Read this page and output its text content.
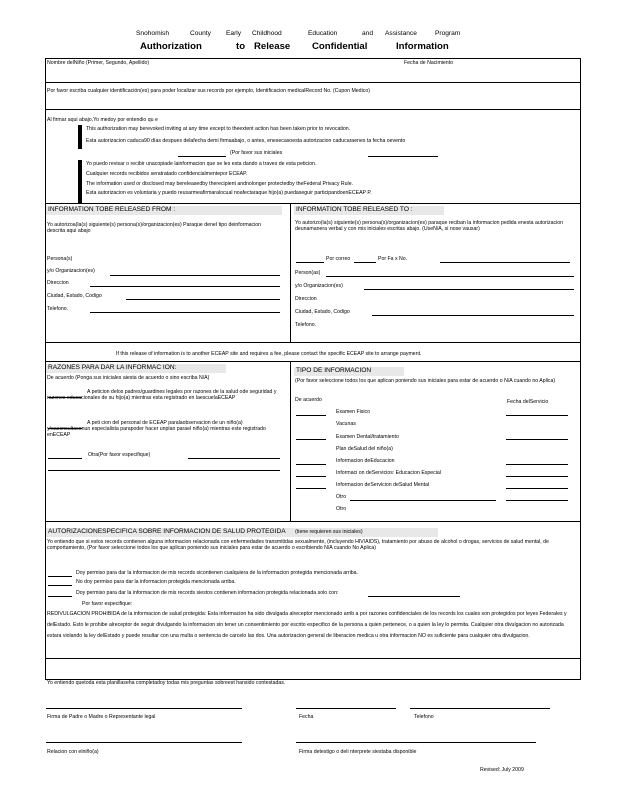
Snohomish	County Early Childhood	Education	and Assistance	Program
Authorization	to Release Confidential	Information
Nombre delNiño (Primer, Segundo, Apellido)	Fecha de Nacimiento
Por favor escriba cualquier identificación(es) para poder localizar sus records por ejemplo, Identificacion medicalRecord No. (Cupon Medico)
Al firmar aqui abajo,Yo medoy por entendio qu e
This authorization may berevoked inviting at any time except to theextent action has been taken prior to revocation.
Esta autorizacion caduca90 días despues delafecha demi firmaabajo, o antes, enesecasoesta autorizacion caducaraenes ta fecha oevento
(Por favor sus iniciales
Yo puedo revisar o recibir unacopiade lainformacion que se les esta dando a traves de esta peticion.
Cualquier records recibidos seratratado confidencialmentepor ECEAP.
The information used or disclosed may bereleasedby therecipient andnolonger protectedby theFederal Privacy Rule.
Esta autorizacion es voluntaria y puedo reusarmeafirmaralocual noafectaraque hijo(a) puedaseguir participandoenECEAP P.
INFORMATION TOBE RELEASED FROM :
Yo autorizoa(la(s) siguiente(s) persona(s)/organizacion(es) Paraque deneI tipo deinformacion descrita aqui abajo
Persona(s)
y/o Organizacion(es)
Direccion
Ciudad, Estado, Codigo
Telefono.
INFORMATION TOBE RELEASED TO :
Yo autorizo(la(s) siguiente(s) persona(s)/organizacion(es) paraque reciban la informacion pedida enesta autorizacion deunamanera verbal y con mis iniciales escritas abajo. (UseN/A, si nose vausar)
Por correo	Por Fa x No.
Person(as)
y/o Organizacion(es)
Direccion
Ciudad, Estado, Codigo
Telefono.
If this release of information is to another ECEAP site and requires a fee, please contact the specific ECEAP site to arrange payment.
RAZONES PARA DAR LA INFORMAC ION:
De acuerdo (Ponga sus iniciales aiesta de acuerdo o sino escriba N/A)
A peticion delos padres/guardines legales por razones de la salud ode seguridad y razones educacionales de su hijo(a) mientras esta registrado en laescuelaECEAP
A peti cion del personal de ECEAP paralaobservacion de un niño(a) y/oaconsultaconun especialista parapoder hacer unplan parael niño(a) mientras este registrado enECEAP
Otra(Por favor especifique)
TIPO DE INFORMACION
(Por favor seleccione todos los que aplican poniendo sus iniciales para estar de acuerdo o N/A cuando no Aplica)
De acuerdo	Fecha delServicio
Examen Fisico
Vacunas
Examen Dental/tratamiento
Plan deSalud del niño(a)
Informacion deEducacion
Informaci on deServicios: Educacion Especial
Informacion deServicion deSalud Mental
Otro
Otro
AUTORIZACIONESPECIFICA SOBRE INFORMACION DE SALUD PROTEGIDA (tiene requieren sus iniciales)
Yo entiendo que si estos records contienen alguna informacion relacionada con enfermedades transmitidas sexualmente, (incluyendo HIV/AIDS), tratamiento por abuso de alcohol o drogas, servicios de salud mental, de comportamiento, (Por favor seleccione todos los que aplican poniendo sus iniciales para estar de acuerdo o escribiendo N/A cuando No Aplica)
Doy permiso para dar la informacion de mis records sicontienen cualquiera de la informacion protegida mencionada arriba.
No doy permiso para dar la informacion protegida mencionada arriba.
Doy permiso para dar la informacion de mis records siestos contienen informacion protegida relacionada solo con:
Por favor especifique:
REDIVULGACION PROHIBIDA de la informacion de salud protegida: Esta informacion ha sido divulgada alreceptor mencionado arrib a por razones confidenciales de los records los cuales son protegidos por leyes Federales y delEstado. Esto le prohibe alreceptor de seguir divulgando la informacion sin tener un consentimiento por escrito especifico de la persona a quien pertenece, o a quien la ley lo permita. Cualquier otra divulgacion no autorizada estara violando la ley delEstado y puede resultar con una multa o sentencia de carcelo las dos. Una autorizacion general de liberacion medica u otra informacion NO es suficiente para cualquier otra divulgacion.
Yo entiendo quetoda esta planillaseha completadoy todas mis preguntas sobreest hansido contestadas.
Firma de Padre o Madre o Representante legal	Fecha	Telefono
Relacion con elniño(a)	Firma detestigo o deli nterprete siestaba disponible
Revised: July 2009
